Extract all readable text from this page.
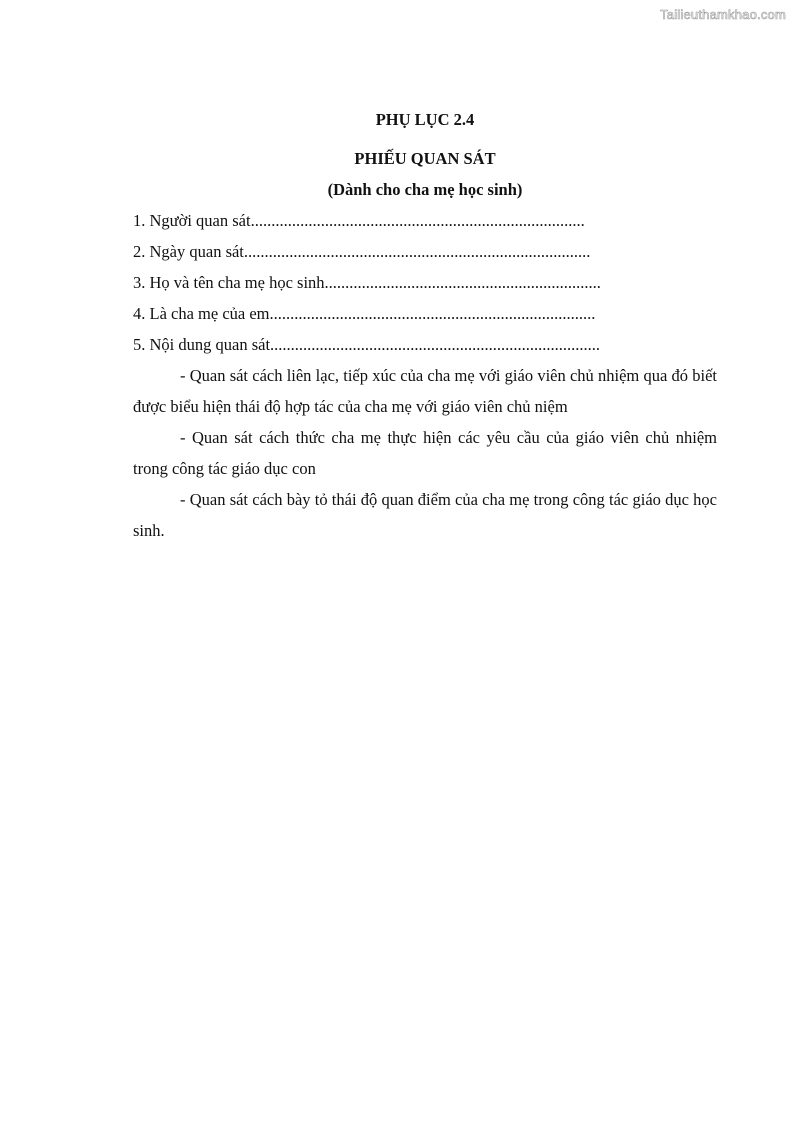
Tailieuthamkhao.com

PHỤ LỤC 2.4

PHIẾU QUAN SÁT

(Dành cho cha mẹ học sinh)

1. Người quan sát.................................................................................

2. Ngày quan sát....................................................................................

3. Họ và tên cha mẹ học sinh...................................................................

4. Là cha mẹ của em...............................................................................

5. Nội dung quan sát................................................................................

- Quan sát cách liên lạc, tiếp xúc của cha mẹ với giáo viên chủ nhiệm qua đó biết được biểu hiện thái độ hợp tác của cha mẹ với giáo viên chủ niệm

- Quan sát cách thức cha mẹ thực hiện các yêu cầu của giáo viên chủ nhiệm trong công tác giáo dục con

- Quan sát cách bày tỏ thái độ quan điểm của cha mẹ trong công tác giáo dục học sinh.
